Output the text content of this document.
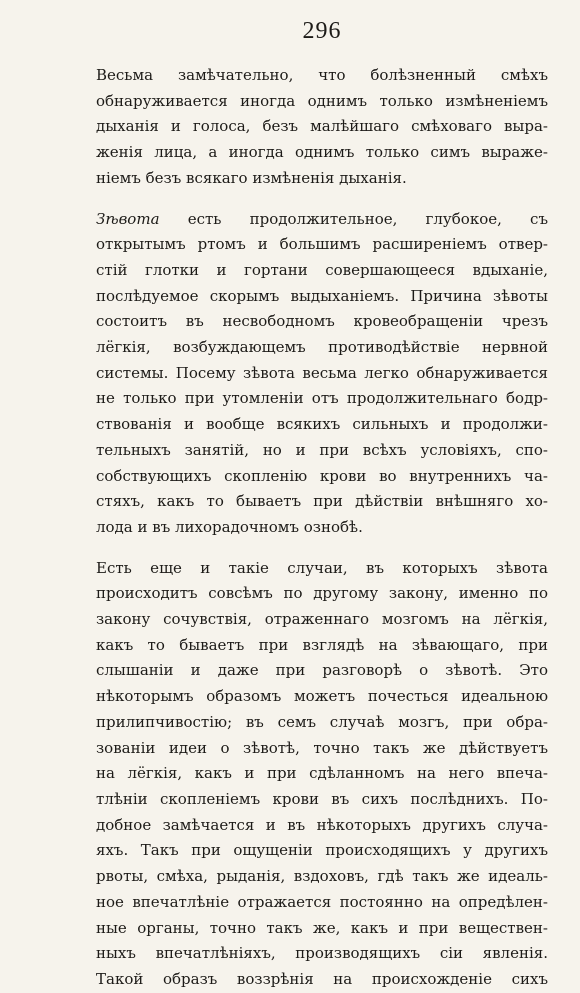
296
Весьма замѣчательно, что болѣзненный смѣхъ
обнаруживается иногда однимъ только измѣненіемъ
дыханія и голоса, безъ малѣйшаго смѣховаго выра-
женія лица, а иногда однимъ только симъ выраже-
ніемъ безъ всякаго измѣненія дыханія.
Зѣвота есть продолжительное, глубокое, съ
открытымъ ртомъ и большимъ расширеніемъ отвер-
стій глотки и гортани совершающееся вдыханіе,
послѣдуемое скорымъ выдыханіемъ. Причина зѣвоты
состоитъ въ несвободномъ кровеобращеніи чрезъ
лёгкія, возбуждающемъ противодѣйствіе нервной
системы. Посему зѣвота весьма легко обнаруживается
не только при утомленіи отъ продолжительнаго бодр-
ствованія и вообще всякихъ сильныхъ и продолжи-
тельныхъ занятій, но и при всѣхъ условіяхъ, спо-
собствующихъ скопленію крови во внутреннихъ ча-
стяхъ, какъ то бываетъ при дѣйствіи внѣшняго хо-
лода и въ лихорадочномъ ознобѣ.
Есть еще и такіе случаи, въ которыхъ зѣвота
происходитъ совсѣмъ по другому закону, именно по
закону сочувствія, отраженнаго мозгомъ на лёгкія,
какъ то бываетъ при взглядѣ на зѣвающаго, при
слышаніи и даже при разговорѣ о зѣвотѣ. Это
нѣкоторымъ образомъ можетъ почесться идеальною
прилипчивостію; въ семъ случаѣ мозгъ, при обра-
зованіи идеи о зѣвотѣ, точно такъ же дѣйствуетъ
на лёгкія, какъ и при сдѣланномъ на него впеча-
тлѣніи скопленіемъ крови въ сихъ послѣднихъ. По-
добное замѣчается и въ нѣкоторыхъ другихъ случа-
яхъ. Такъ при ощущеніи происходящихъ у другихъ
рвоты, смѣха, рыданія, вздоховъ, гдѣ такъ же идеаль-
ное впечатлѣніе отражается постоянно на опредѣлен-
ные органы, точно такъ же, какъ и при веществен-
ныхъ впечатлѣніяхъ, производящихъ сіи явленія.
Такой образъ воззрѣнія на происхожденіе сихъ
